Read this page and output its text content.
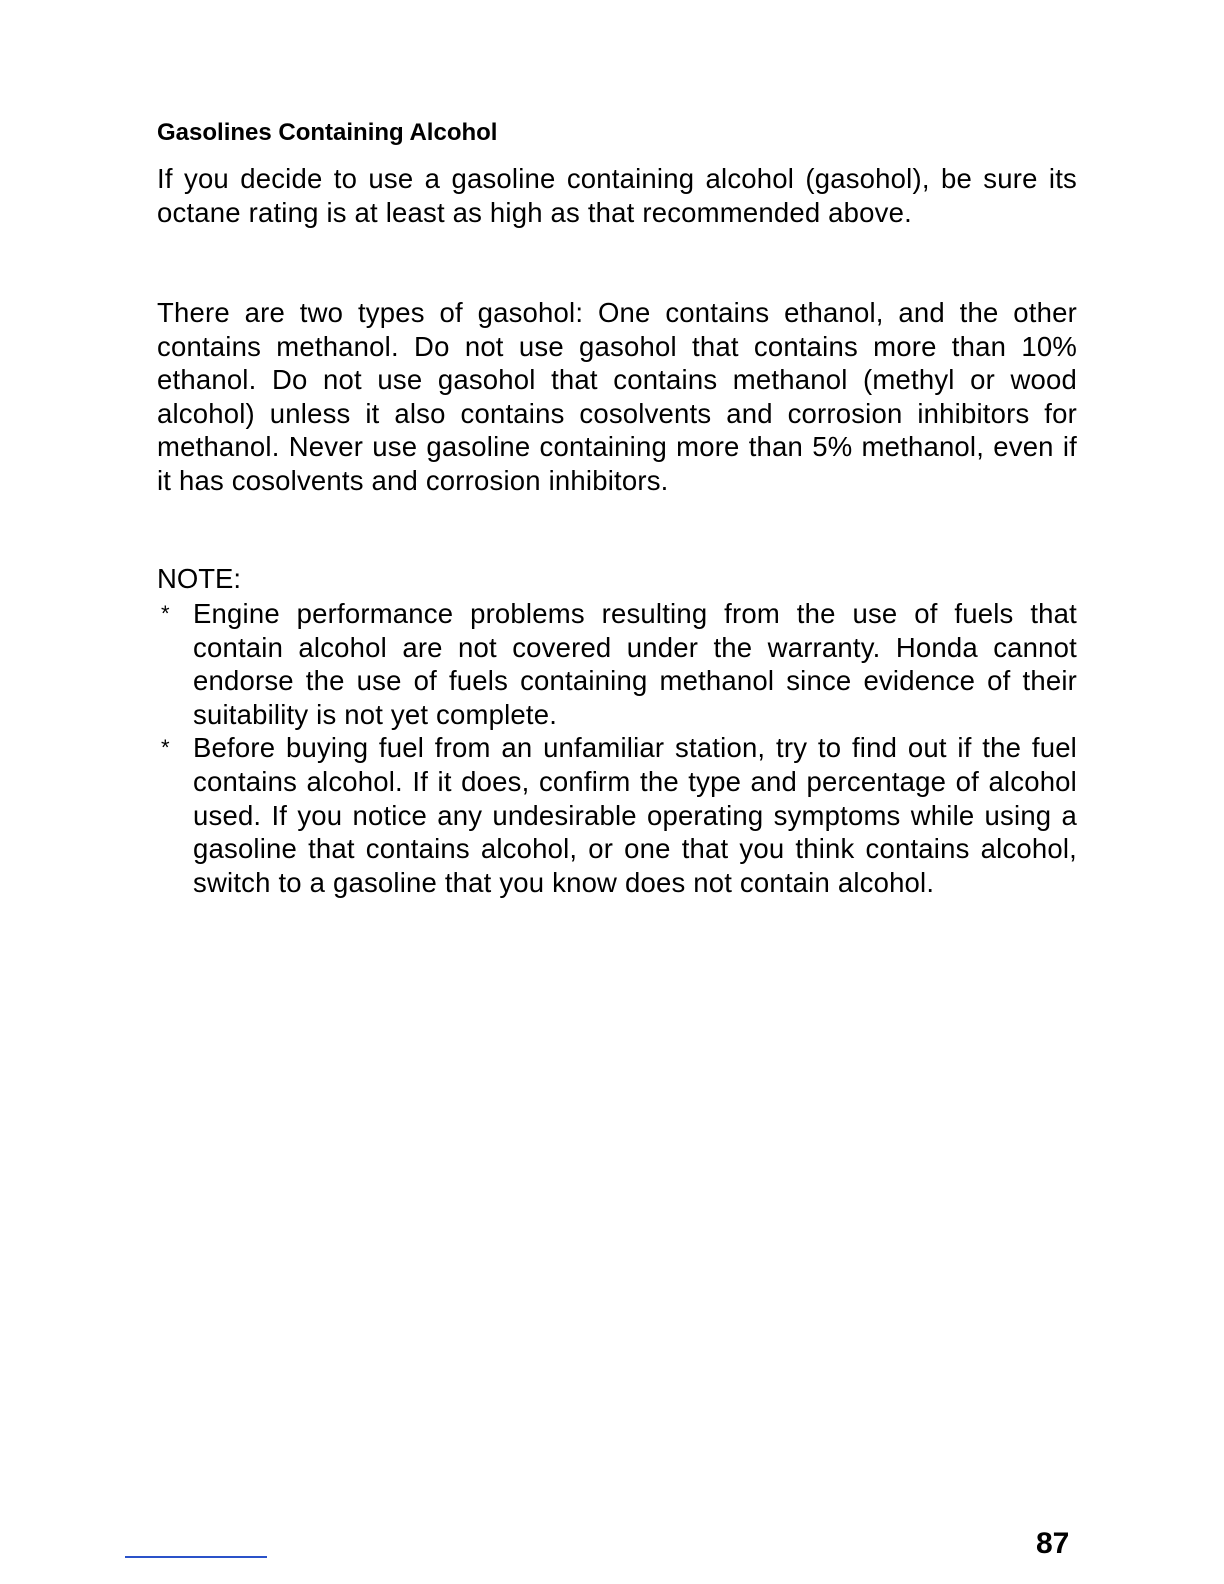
Gasolines Containing Alcohol

If you decide to use a gasoline containing alcohol (gasohol), be sure its octane rating is at least as high as that recommended above.

There are two types of gasohol: One contains ethanol, and the other contains methanol. Do not use gasohol that contains more than 10% ethanol. Do not use gasohol that contains methanol (methyl or wood alcohol) unless it also contains cosolvents and corrosion inhibitors for methanol. Never use gasoline containing more than 5% methanol, even if it has cosolvents and corrosion inhibitors.

NOTE:

* Engine performance problems resulting from the use of fuels that contain alcohol are not covered under the warranty. Honda cannot endorse the use of fuels containing methanol since evidence of their suitability is not yet complete.
* Before buying fuel from an unfamiliar station, try to find out if the fuel contains alcohol. If it does, confirm the type and percentage of alcohol used. If you notice any undesirable operating symptoms while using a gasoline that contains alcohol, or one that you think contains alcohol, switch to a gasoline that you know does not contain alcohol.
87
